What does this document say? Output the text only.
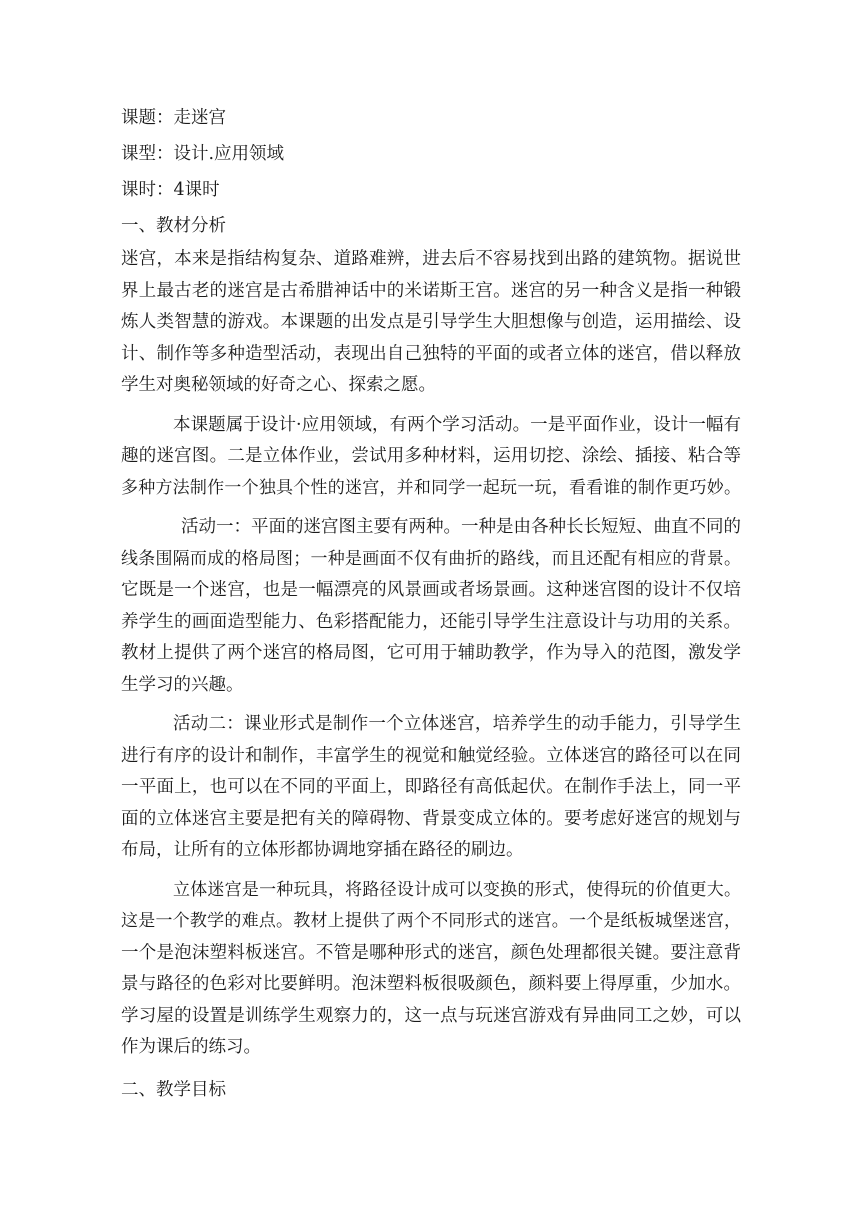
课题：走迷宫
课型：设计.应用领域
课时：4课时
一、教材分析
迷宫，本来是指结构复杂、道路难辨，进去后不容易找到出路的建筑物。据说世
界上最古老的迷宫是古希腊神话中的米诺斯王宫。迷宫的另一种含义是指一种锻
炼人类智慧的游戏。本课题的出发点是引导学生大胆想像与创造，运用描绘、设
计、制作等多种造型活动，表现出自己独特的平面的或者立体的迷宫，借以释放
学生对奥秘领域的好奇之心、探索之愿。
本课题属于设计·应用领域，有两个学习活动。一是平面作业，设计一幅有
趣的迷宫图。二是立体作业，尝试用多种材料，运用切挖、涂绘、插接、粘合等
多种方法制作一个独具个性的迷宫，并和同学一起玩一玩，看看谁的制作更巧妙。
活动一：平面的迷宫图主要有两种。一种是由各种长长短短、曲直不同的
线条围隔而成的格局图；一种是画面不仅有曲折的路线，而且还配有相应的背景。
它既是一个迷宫，也是一幅漂亮的风景画或者场景画。这种迷宫图的设计不仅培
养学生的画面造型能力、色彩搭配能力，还能引导学生注意设计与功用的关系。
教材上提供了两个迷宫的格局图，它可用于辅助教学，作为导入的范图，激发学
生学习的兴趣。
活动二：课业形式是制作一个立体迷宫，培养学生的动手能力，引导学生
进行有序的设计和制作，丰富学生的视觉和触觉经验。立体迷宫的路径可以在同
一平面上，也可以在不同的平面上，即路径有高低起伏。在制作手法上，同一平
面的立体迷宫主要是把有关的障碍物、背景变成立体的。要考虑好迷宫的规划与
布局，让所有的立体形都协调地穿插在路径的刷边。
立体迷宫是一种玩具，将路径设计成可以变换的形式，使得玩的价值更大。
这是一个教学的难点。教材上提供了两个不同形式的迷宫。一个是纸板城堡迷宫，
一个是泡沫塑料板迷宫。不管是哪种形式的迷宫，颜色处理都很关键。要注意背
景与路径的色彩对比要鲜明。泡沫塑料板很吸颜色，颜料要上得厚重，少加水。
学习屋的设置是训练学生观察力的，这一点与玩迷宫游戏有异曲同工之妙，可以
作为课后的练习。
二、教学目标
